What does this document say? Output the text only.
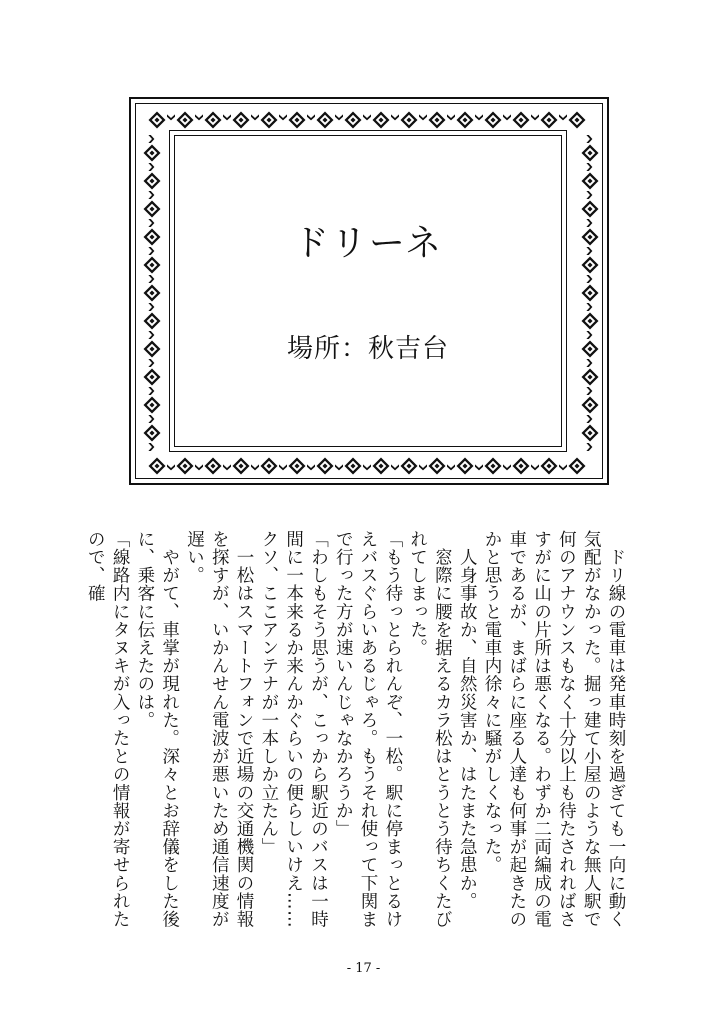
ドリーネ
場所：秋吉台

　ドリ線の電車は発車時刻を過ぎても一向に動く気配がなかった。掘っ建て小屋のような無人駅で何のアナウンスもなく十分以上も待たされればさすがに山の片所は悪くなる。わずか二両編成の電車であるが、まばらに座る人達も何事が起きたのかと思うと電車内徐々に騒がしくなった。

　人身事故か、自然災害か、はたまた急患か。

　窓際に腰を据えるカラ松はとうとう待ちくたびれてしまった。

「もう待っとられんぞ、一松。駅に停まっとるけえバスぐらいあるじゃろ。もうそれ使って下関まで行った方が速いんじゃなかろうか」

「わしもそう思うが、こっから駅近のバスは一時間に一本来るか来んかぐらいの便らしいけえ……クソ、ここアンテナが一本しか立たん」

　一松はスマートフォンで近場の交通機関の情報を探すが、いかんせん電波が悪いため通信速度が遅い。

　やがて、車掌が現れた。深々とお辞儀をした後に、乗客に伝えたのは。

「線路内にタヌキが入ったとの情報が寄せられたので、確

- 17 -
